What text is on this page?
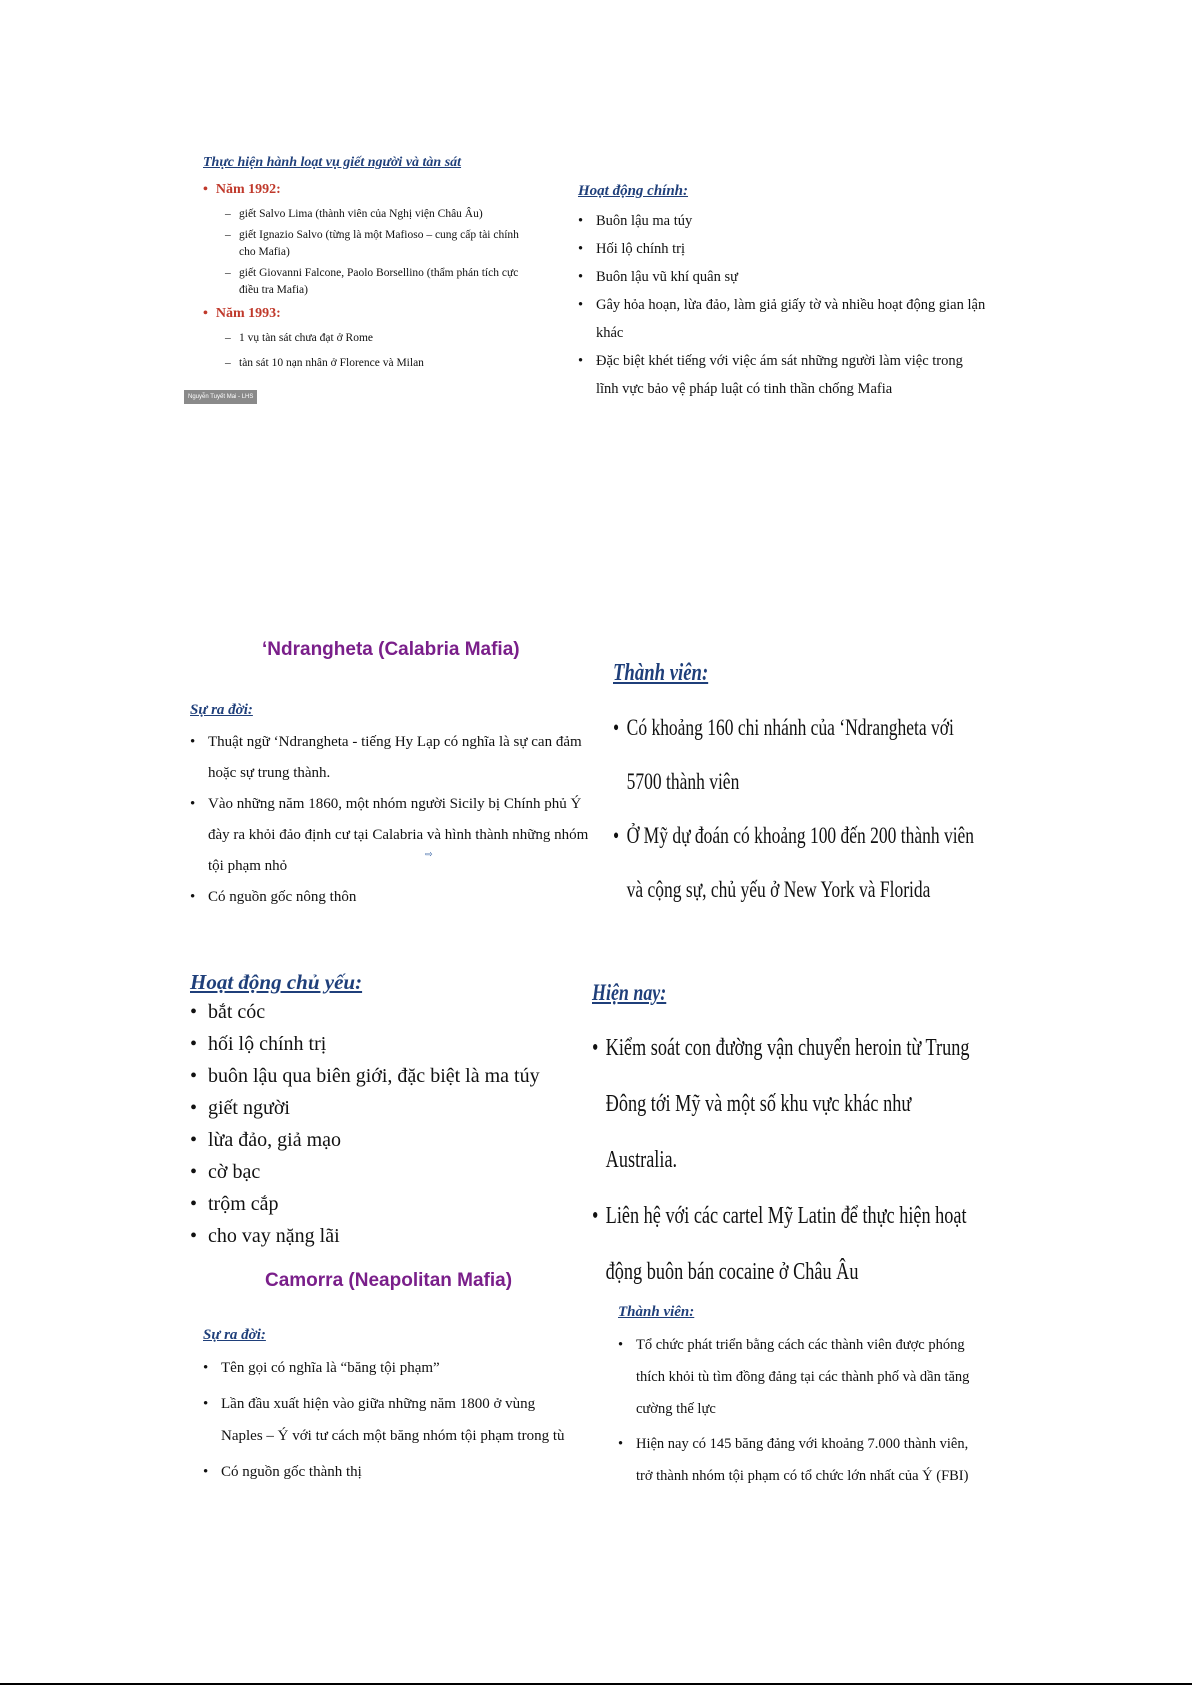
Thực hiện hành loạt vụ giết người và tàn sát
• Năm 1992:
– giết Salvo Lima (thành viên của Nghị viện Châu Âu)
– giết Ignazio Salvo (từng là một Mafioso – cung cấp tài chính cho Mafia)
– giết Giovanni Falcone, Paolo Borsellino (thẩm phán tích cực điều tra Mafia)
• Năm 1993:
– 1 vụ tàn sát chưa đạt ở Rome
– tàn sát 10 nạn nhân ở Florence và Milan
Nguyễn Tuyết Mai - LHS
Hoạt động chính:
• Buôn lậu ma túy
• Hối lộ chính trị
• Buôn lậu vũ khí quân sự
• Gây hỏa hoạn, lừa đảo, làm giả giấy tờ và nhiều hoạt động gian lận khác
• Đặc biệt khét tiếng với việc ám sát những người làm việc trong lĩnh vực bảo vệ pháp luật có tinh thần chống Mafia
‘Ndrangheta (Calabria Mafia)
Sự ra đời:
• Thuật ngữ ‘Ndrangheta - tiếng Hy Lạp có nghĩa là sự can đảm hoặc sự trung thành.
• Vào những năm 1860, một nhóm người Sicily bị Chính phủ Ý đày ra khỏi đảo định cư tại Calabria và hình thành những nhóm tội phạm nhỏ
• Có nguồn gốc nông thôn
⇨
Thành viên:
• Có khoảng 160 chi nhánh của ‘Ndrangheta với 5700 thành viên
• Ở Mỹ dự đoán có khoảng 100 đến 200 thành viên và cộng sự, chủ yếu ở New York và Florida
Hoạt động chủ yếu:
• bắt cóc
• hối lộ chính trị
• buôn lậu qua biên giới, đặc biệt là ma túy
• giết người
• lừa đảo, giả mạo
• cờ bạc
• trộm cắp
• cho vay nặng lãi
Hiện nay:
• Kiểm soát con đường vận chuyển heroin từ Trung Đông tới Mỹ và một số khu vực khác như Australia.
• Liên hệ với các cartel Mỹ Latin để thực hiện hoạt động buôn bán cocaine ở Châu Âu
Camorra (Neapolitan Mafia)
Sự ra đời:
• Tên gọi có nghĩa là “băng tội phạm”
• Lần đầu xuất hiện vào giữa những năm 1800 ở vùng Naples – Ý với tư cách một băng nhóm tội phạm trong tù
• Có nguồn gốc thành thị
Thành viên:
• Tổ chức phát triển bằng cách các thành viên được phóng thích khỏi tù tìm đồng đảng tại các thành phố và dần tăng cường thế lực
• Hiện nay có 145 băng đảng với khoảng 7.000 thành viên, trở thành nhóm tội phạm có tổ chức lớn nhất của Ý (FBI)
